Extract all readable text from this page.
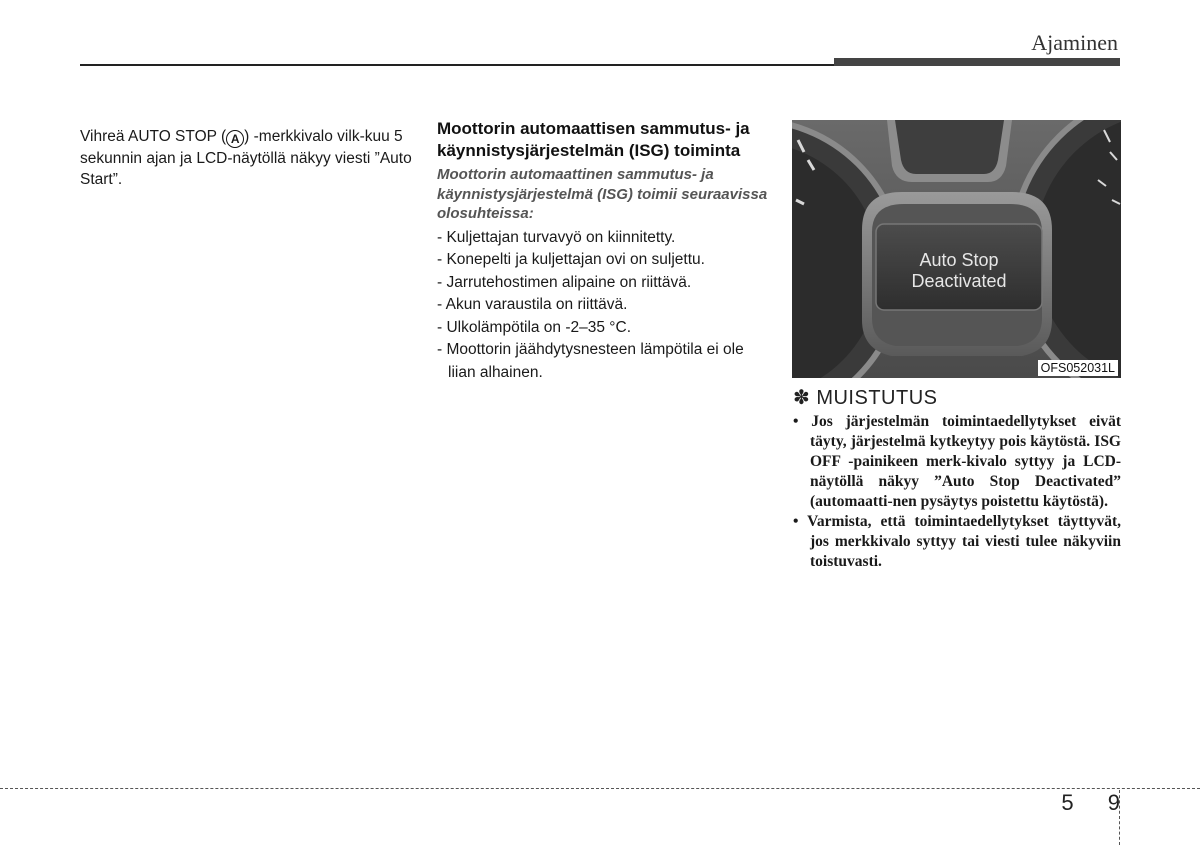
Ajaminen
Vihreä AUTO STOP ( A ) -merkkivalo vilk-kuu 5 sekunnin ajan ja LCD-näytöllä näkyy viesti ”Auto Start”.
Moottorin automaattisen sammutus- ja käynnistysjärjestelmän (ISG) toiminta
Moottorin automaattinen sammutus- ja käynnistysjärjestelmä (ISG) toimii seuraavissa olosuhteissa:
- Kuljettajan turvavyö on kiinnitetty.
- Konepelti ja kuljettajan ovi on suljettu.
- Jarrutehostimen alipaine on riittävä.
- Akun varaustila on riittävä.
- Ulkolämpötila on -2–35 °C.
- Moottorin jäähdytysnesteen lämpötila ei ole liian alhainen.
Auto Stop
Deactivated
OFS052031L
✽ MUISTUTUS
• Jos järjestelmän toimintaedellytykset eivät täyty, järjestelmä kytkeytyy pois käytöstä. ISG OFF -painikeen merk-kivalo syttyy ja LCD-näytöllä näkyy ”Auto Stop Deactivated” (automaatti-nen pysäytys poistettu käytöstä).
• Varmista, että toimintaedellytykset täyttyvät, jos merkkivalo syttyy tai viesti tulee näkyviin toistuvasti.
5 9
